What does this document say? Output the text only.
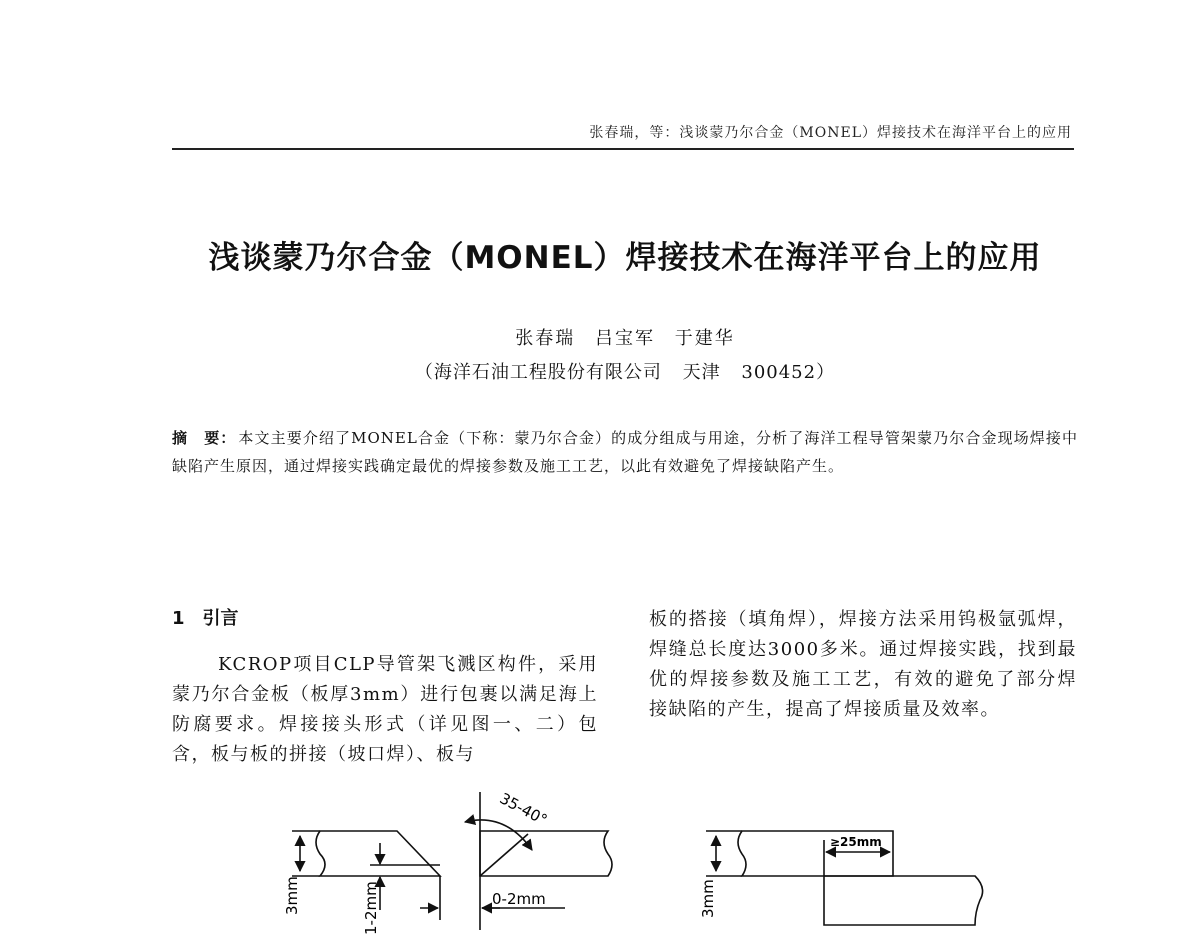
张春瑞，等：浅谈蒙乃尔合金（MONEL）焊接技术在海洋平台上的应用
浅谈蒙乃尔合金（MONEL）焊接技术在海洋平台上的应用
张春瑞 吕宝军 于建华
（海洋石油工程股份有限公司 天津 300452）
摘 要： 本文主要介绍了MONEL合金（下称：蒙乃尔合金）的成分组成与用途，分析了海洋工程导管架蒙乃尔合金现场焊接中缺陷产生原因，通过焊接实践确定最优的焊接参数及施工工艺，以此有效避免了焊接缺陷产生。
1 引言
KCROP项目CLP导管架飞溅区构件，采用蒙乃尔合金板（板厚3mm）进行包裹以满足海上防腐要求。焊接接头形式（详见图一、二）包含，板与板的拼接（坡口焊）、板与
板的搭接（填角焊），焊接方法采用钨极氩弧焊，焊缝总长度达3000多米。通过焊接实践，找到最优的焊接参数及施工工艺，有效的避免了部分焊接缺陷的产生，提高了焊接质量及效率。
35-40°
0-2mm
3mm	1-2mm
≥25mm
3mm
